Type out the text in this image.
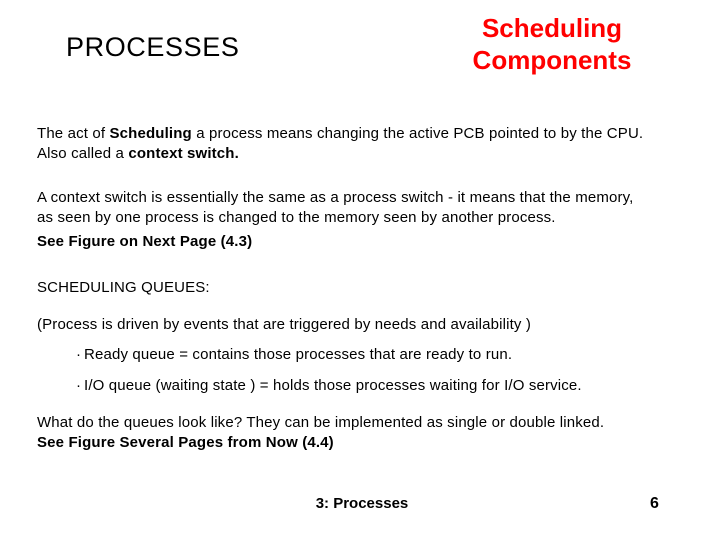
PROCESSES
Scheduling
Components
The act of Scheduling a process means changing the active PCB pointed to by the CPU.
Also called a context switch.
A context switch is essentially the same as a process switch - it means that the memory,
as seen by one process is changed to the memory seen by another process.
See Figure on Next Page (4.3)
SCHEDULING QUEUES:
(Process is driven by events that are triggered by needs and availability )
· Ready queue = contains those processes that are ready to run.
· I/O queue (waiting state ) = holds those processes waiting for I/O service.
What do the queues look like? They can be implemented as single or double linked.
See Figure Several Pages from Now (4.4)
3: Processes	6
